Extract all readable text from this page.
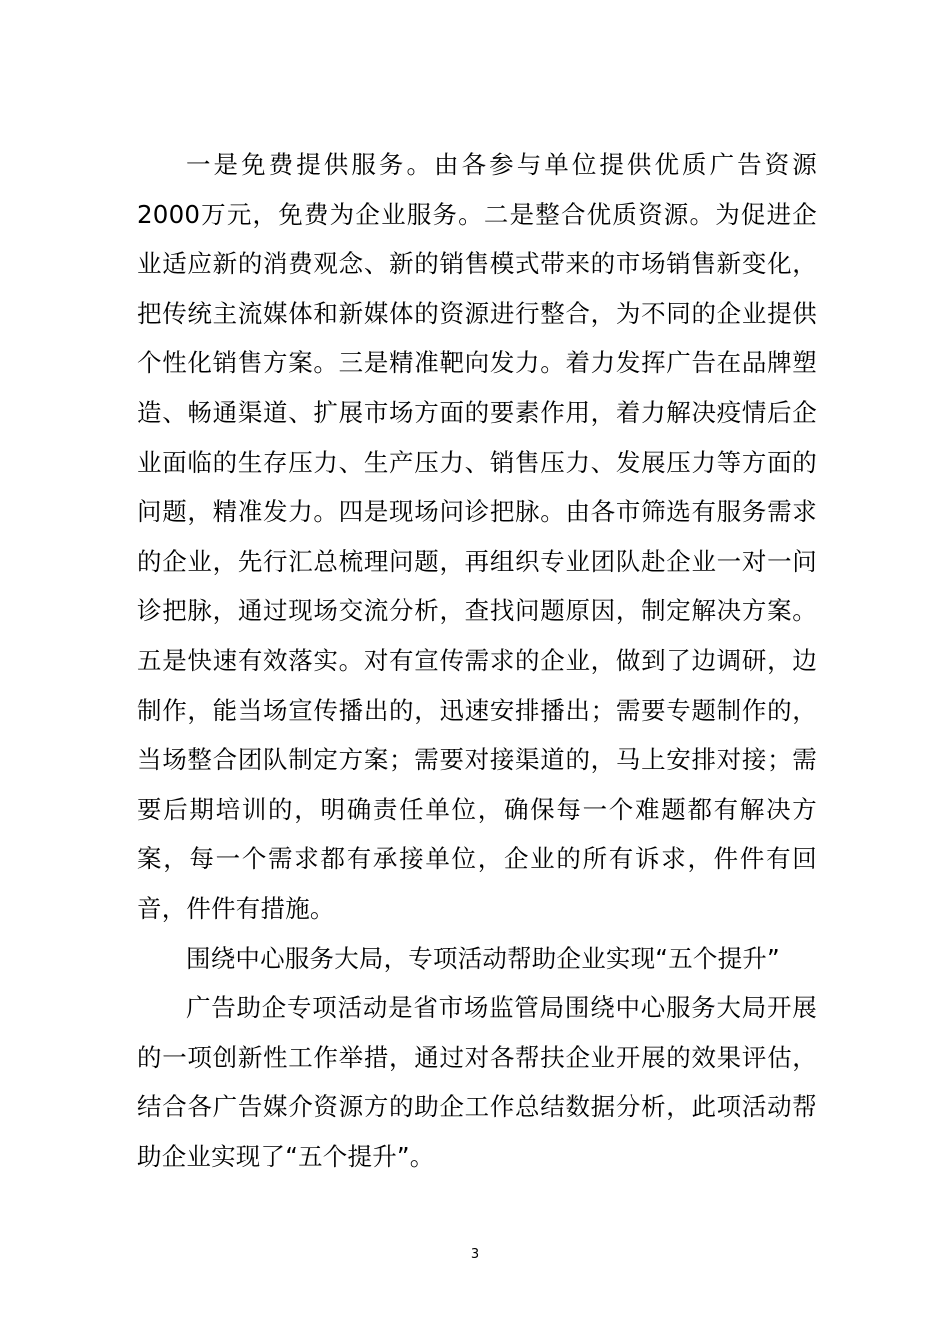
一是免费提供服务。由各参与单位提供优质广告资源2000万元，免费为企业服务。二是整合优质资源。为促进企业适应新的消费观念、新的销售模式带来的市场销售新变化，把传统主流媒体和新媒体的资源进行整合，为不同的企业提供个性化销售方案。三是精准靶向发力。着力发挥广告在品牌塑造、畅通渠道、扩展市场方面的要素作用，着力解决疫情后企业面临的生存压力、生产压力、销售压力、发展压力等方面的问题，精准发力。四是现场问诊把脉。由各市筛选有服务需求的企业，先行汇总梳理问题，再组织专业团队赴企业一对一问诊把脉，通过现场交流分析，查找问题原因，制定解决方案。五是快速有效落实。对有宣传需求的企业，做到了边调研，边制作，能当场宣传播出的，迅速安排播出；需要专题制作的，当场整合团队制定方案；需要对接渠道的，马上安排对接；需要后期培训的，明确责任单位，确保每一个难题都有解决方案，每一个需求都有承接单位，企业的所有诉求，件件有回音，件件有措施。

围绕中心服务大局，专项活动帮助企业实现“五个提升”

广告助企专项活动是省市场监管局围绕中心服务大局开展的一项创新性工作举措，通过对各帮扶企业开展的效果评估，结合各广告媒介资源方的助企工作总结数据分析，此项活动帮助企业实现了“五个提升”。

3
